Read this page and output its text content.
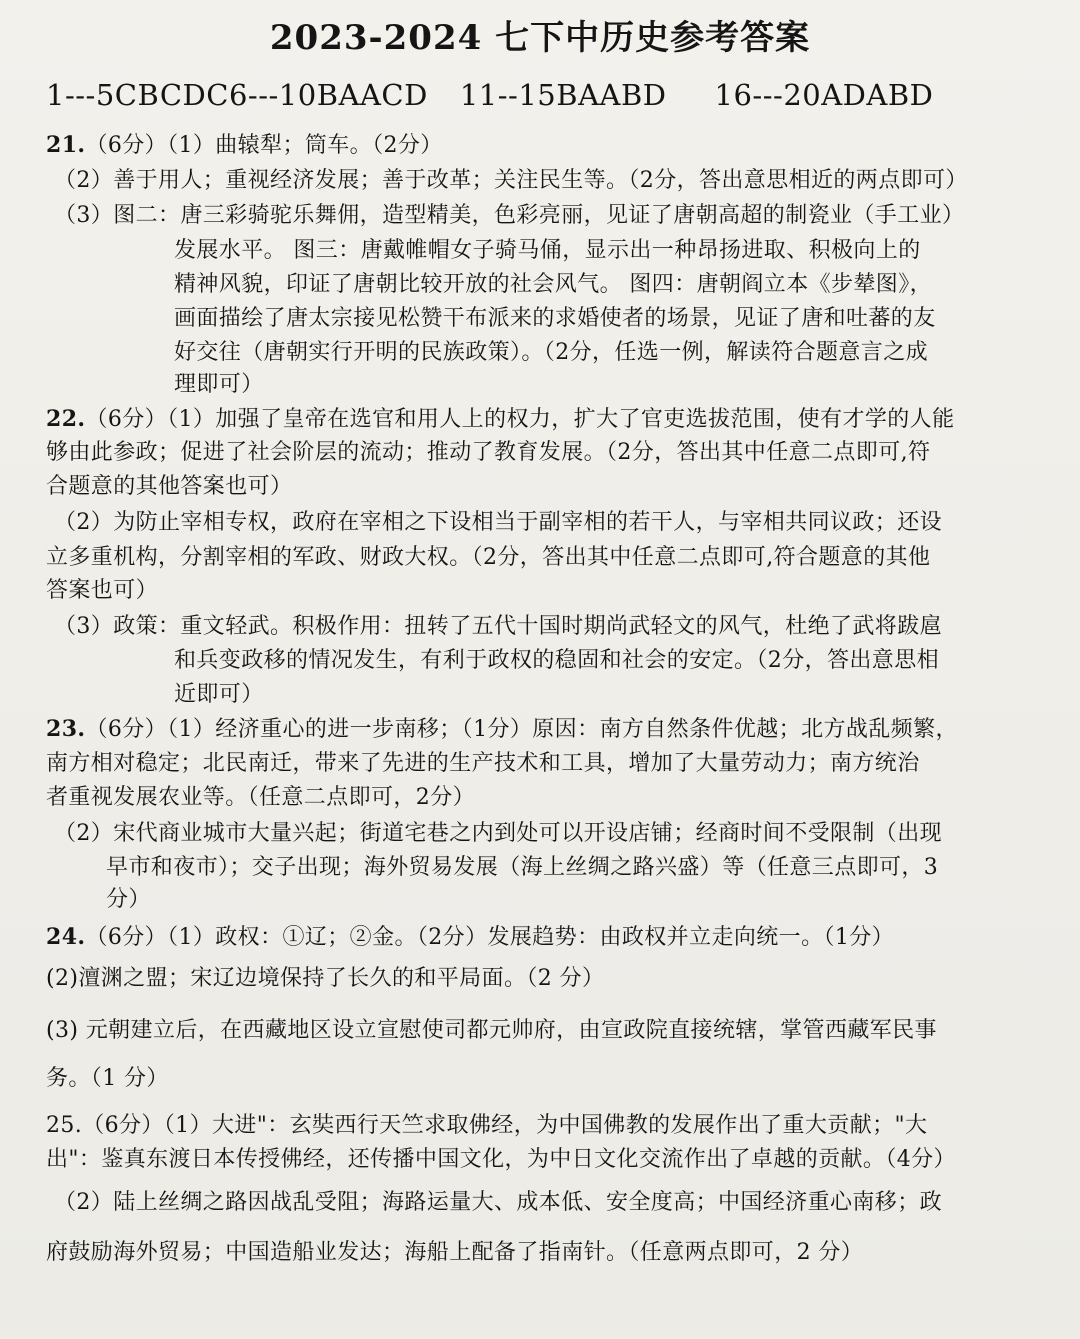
2023-2024 七下中历史参考答案
1---5CBCDC6---10BAACD 11--15BAABD 16---20ADABD
21.（6分）（1）曲辕犁；筒车。（2分）
（2）善于用人；重视经济发展；善于改革；关注民生等。（2分，答出意思相近的两点即可）
（3）图二：唐三彩骑驼乐舞佣，造型精美，色彩亮丽，见证了唐朝高超的制瓷业（手工业）
发展水平。 图三：唐戴帷帽女子骑马俑，显示出一种昂扬进取、积极向上的
精神风貌，印证了唐朝比较开放的社会风气。 图四：唐朝阎立本《步辇图》，
画面描绘了唐太宗接见松赞干布派来的求婚使者的场景，见证了唐和吐蕃的友
好交往（唐朝实行开明的民族政策）。（2分，任选一例，解读符合题意言之成
理即可）
22.（6分）（1）加强了皇帝在选官和用人上的权力，扩大了官吏选拔范围，使有才学的人能
够由此参政；促进了社会阶层的流动；推动了教育发展。（2分，答出其中任意二点即可,符
合题意的其他答案也可）
（2）为防止宰相专权，政府在宰相之下设相当于副宰相的若干人，与宰相共同议政；还设
立多重机构，分割宰相的军政、财政大权。（2分，答出其中任意二点即可,符合题意的其他
答案也可）
（3）政策：重文轻武。积极作用：扭转了五代十国时期尚武轻文的风气，杜绝了武将跋扈
和兵变政移的情况发生，有利于政权的稳固和社会的安定。（2分，答出意思相
近即可）
23.（6分）（1）经济重心的进一步南移；（1分）原因：南方自然条件优越；北方战乱频繁，
南方相对稳定；北民南迁，带来了先进的生产技术和工具，增加了大量劳动力；南方统治
者重视发展农业等。（任意二点即可，2分）
（2）宋代商业城市大量兴起；街道宅巷之内到处可以开设店铺；经商时间不受限制（出现
早市和夜市）；交子出现；海外贸易发展（海上丝绸之路兴盛）等（任意三点即可，3
分）
24.（6分）（1）政权：①辽；②金。（2分）发展趋势：由政权并立走向统一。（1分）
(2)澶渊之盟；宋辽边境保持了长久的和平局面。（2 分）
(3) 元朝建立后，在西藏地区设立宣慰使司都元帅府，由宣政院直接统辖，掌管西藏军民事
务。（1 分）
25.（6分）（1）大进"：玄奘西行天竺求取佛经，为中国佛教的发展作出了重大贡献；"大
出"：鉴真东渡日本传授佛经，还传播中国文化，为中日文化交流作出了卓越的贡献。（4分）
（2）陆上丝绸之路因战乱受阻；海路运量大、成本低、安全度高；中国经济重心南移；政
府鼓励海外贸易；中国造船业发达；海船上配备了指南针。（任意两点即可，2 分）
